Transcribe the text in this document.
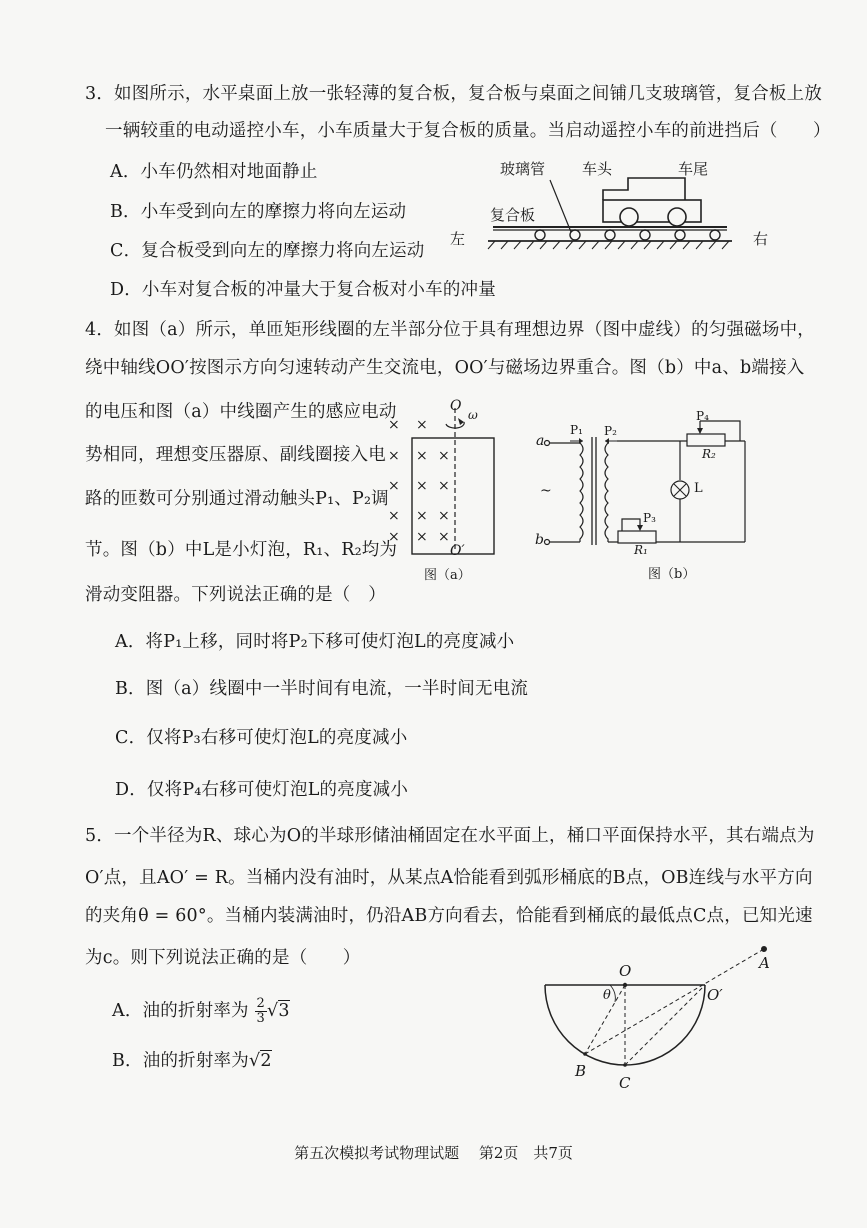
3．如图所示，水平桌面上放一张轻薄的复合板，复合板与桌面之间铺几支玻璃管，复合板上放
一辆较重的电动遥控小车，小车质量大于复合板的质量。当启动遥控小车的前进挡后（　　）
A．小车仍然相对地面静止
B．小车受到向左的摩擦力将向左运动
C．复合板受到向左的摩擦力将向左运动
D．小车对复合板的冲量大于复合板对小车的冲量
玻璃管 车头	车尾
复合板
左	右
4．如图（a）所示，单匝矩形线圈的左半部分位于具有理想边界（图中虚线）的匀强磁场中，
绕中轴线OO′按图示方向匀速转动产生交流电，OO′与磁场边界重合。图（b）中a、b端接入
的电压和图（a）中线圈产生的感应电动
势相同，理想变压器原、副线圈接入电
路的匝数可分别通过滑动触头P₁、P₂调
节。图（b）中L是小灯泡，R₁、R₂均为
滑动变阻器。下列说法正确的是（　）
A．将P₁上移，同时将P₂下移可使灯泡L的亮度减小
B．图（a）线圈中一半时间有电流，一半时间无电流
C．仅将P₃右移可使灯泡L的亮度减小
D．仅将P₄右移可使灯泡L的亮度减小
× ×
× × ×
× × ×
× × ×
× × ×
O
ω
O′
图（a）
a
b
~
P₁ P₂
P₄
R₂
L
P₃
R₁
图（b）
5．一个半径为R、球心为O的半球形储油桶固定在水平面上，桶口平面保持水平，其右端点为
O′点，且AO′ = R。当桶内没有油时，从某点A恰能看到弧形桶底的B点，OB连线与水平方向
的夹角θ = 60°。当桶内装满油时，仍沿AB方向看去，恰能看到桶底的最低点C点，已知光速
为c。则下列说法正确的是（　　）
A．油的折射率为 $\frac{2}{3} √3$
B．油的折射率为√2
O
θ	O′
A
B
C
第五次模拟考试物理试题　 第2页　共7页
